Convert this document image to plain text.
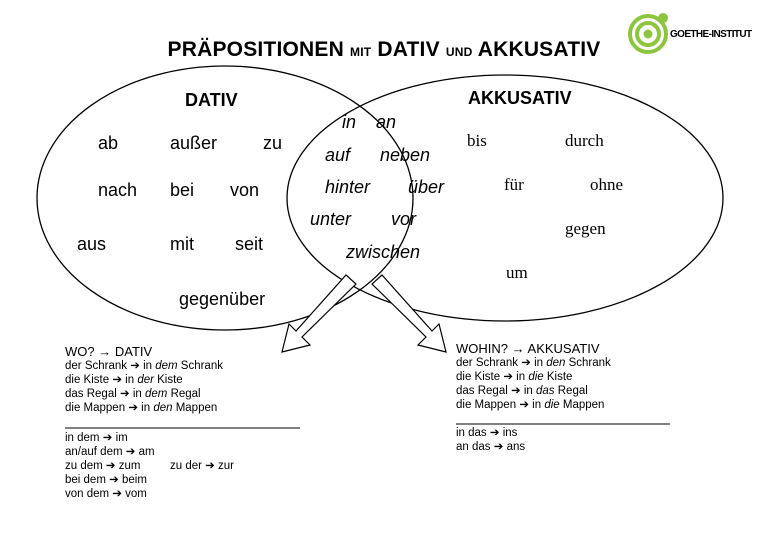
GOETHE-INSTITUT
PRÄPOSITIONEN MIT DATIV UND AKKUSATIV
DATIV	AKKUSATIV
ab	außer	zu
nach bei von
aus	mit seit
gegenüber
in an
auf neben
hinter über
unter vor
zwischen
bis	durch
für	ohne
gegen
um
WO? → DATIV
der Schrank ➔ in dem Schrank
die Kiste ➔ in der Kiste
das Regal ➔ in dem Regal
die Mappen ➔ in den Mappen
in dem ➔ im
an/auf dem ➔ am
zu dem ➔ zum
bei dem ➔ beim
von dem ➔ vom
zu der ➔ zur
WOHIN? → AKKUSATIV
der Schrank ➔ in den Schrank
die Kiste ➔ in die Kiste
das Regal ➔ in das Regal
die Mappen ➔ in die Mappen
in das ➔ ins
an das ➔ ans
